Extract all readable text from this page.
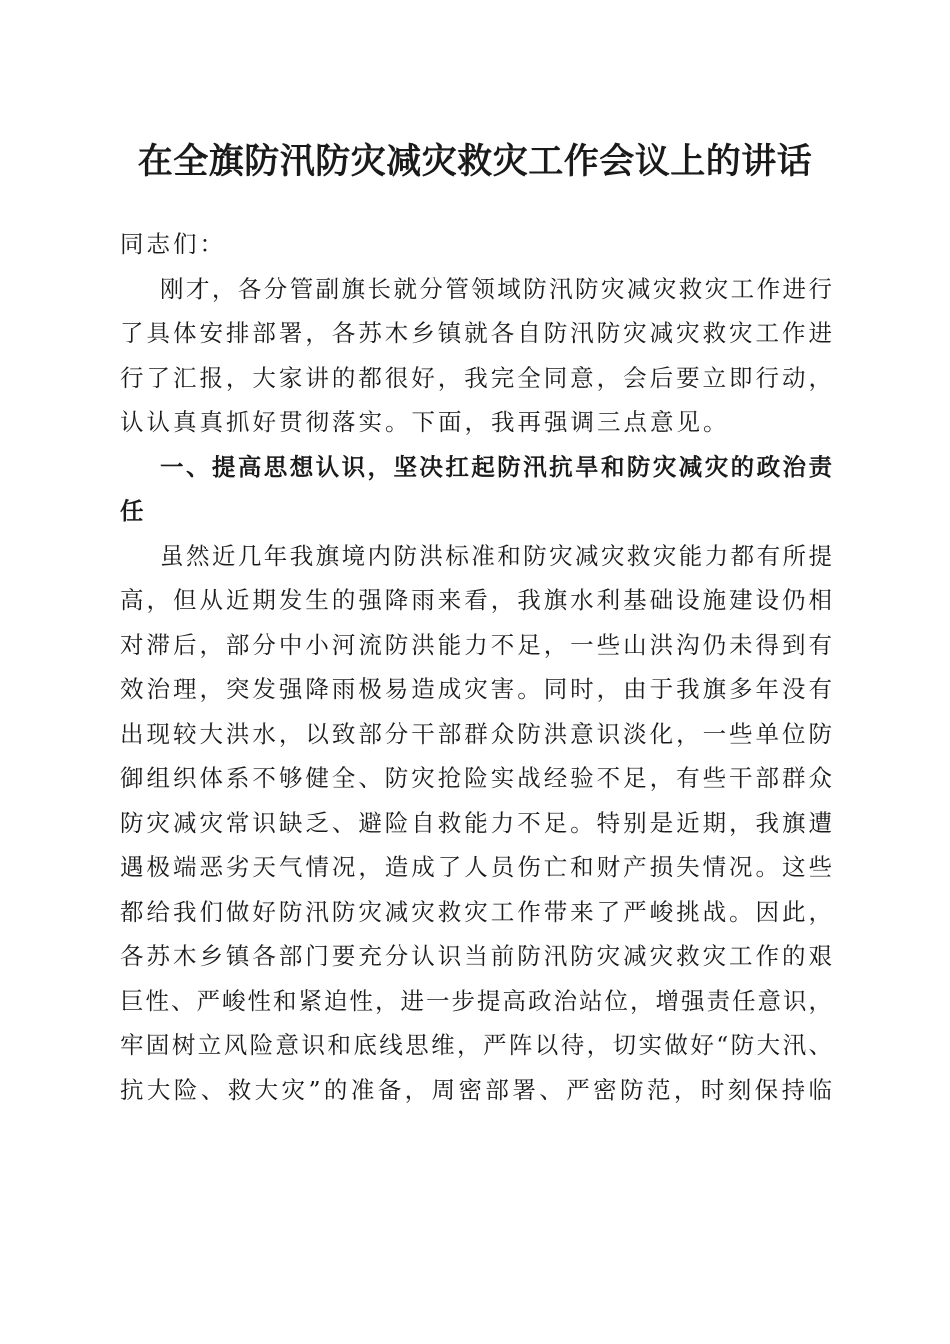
在全旗防汛防灾减灾救灾工作会议上的讲话
同志们：
刚才，各分管副旗长就分管领域防汛防灾减灾救灾工作进行
了具体安排部署，各苏木乡镇就各自防汛防灾减灾救灾工作进
行了汇报，大家讲的都很好，我完全同意，会后要立即行动，
认认真真抓好贯彻落实。下面，我再强调三点意见。
一、提高思想认识，坚决扛起防汛抗旱和防灾减灾的政治责
任
虽然近几年我旗境内防洪标准和防灾减灾救灾能力都有所提
高，但从近期发生的强降雨来看，我旗水利基础设施建设仍相
对滞后，部分中小河流防洪能力不足，一些山洪沟仍未得到有
效治理，突发强降雨极易造成灾害。同时，由于我旗多年没有
出现较大洪水，以致部分干部群众防洪意识淡化，一些单位防
御组织体系不够健全、防灾抢险实战经验不足，有些干部群众
防灾减灾常识缺乏、避险自救能力不足。特别是近期，我旗遭
遇极端恶劣天气情况，造成了人员伤亡和财产损失情况。这些
都给我们做好防汛防灾减灾救灾工作带来了严峻挑战。因此，
各苏木乡镇各部门要充分认识当前防汛防灾减灾救灾工作的艰
巨性、严峻性和紧迫性，进一步提高政治站位，增强责任意识，
牢固树立风险意识和底线思维，严阵以待，切实做好“防大汛、
抗大险、救大灾”的准备，周密部署、严密防范，时刻保持临
